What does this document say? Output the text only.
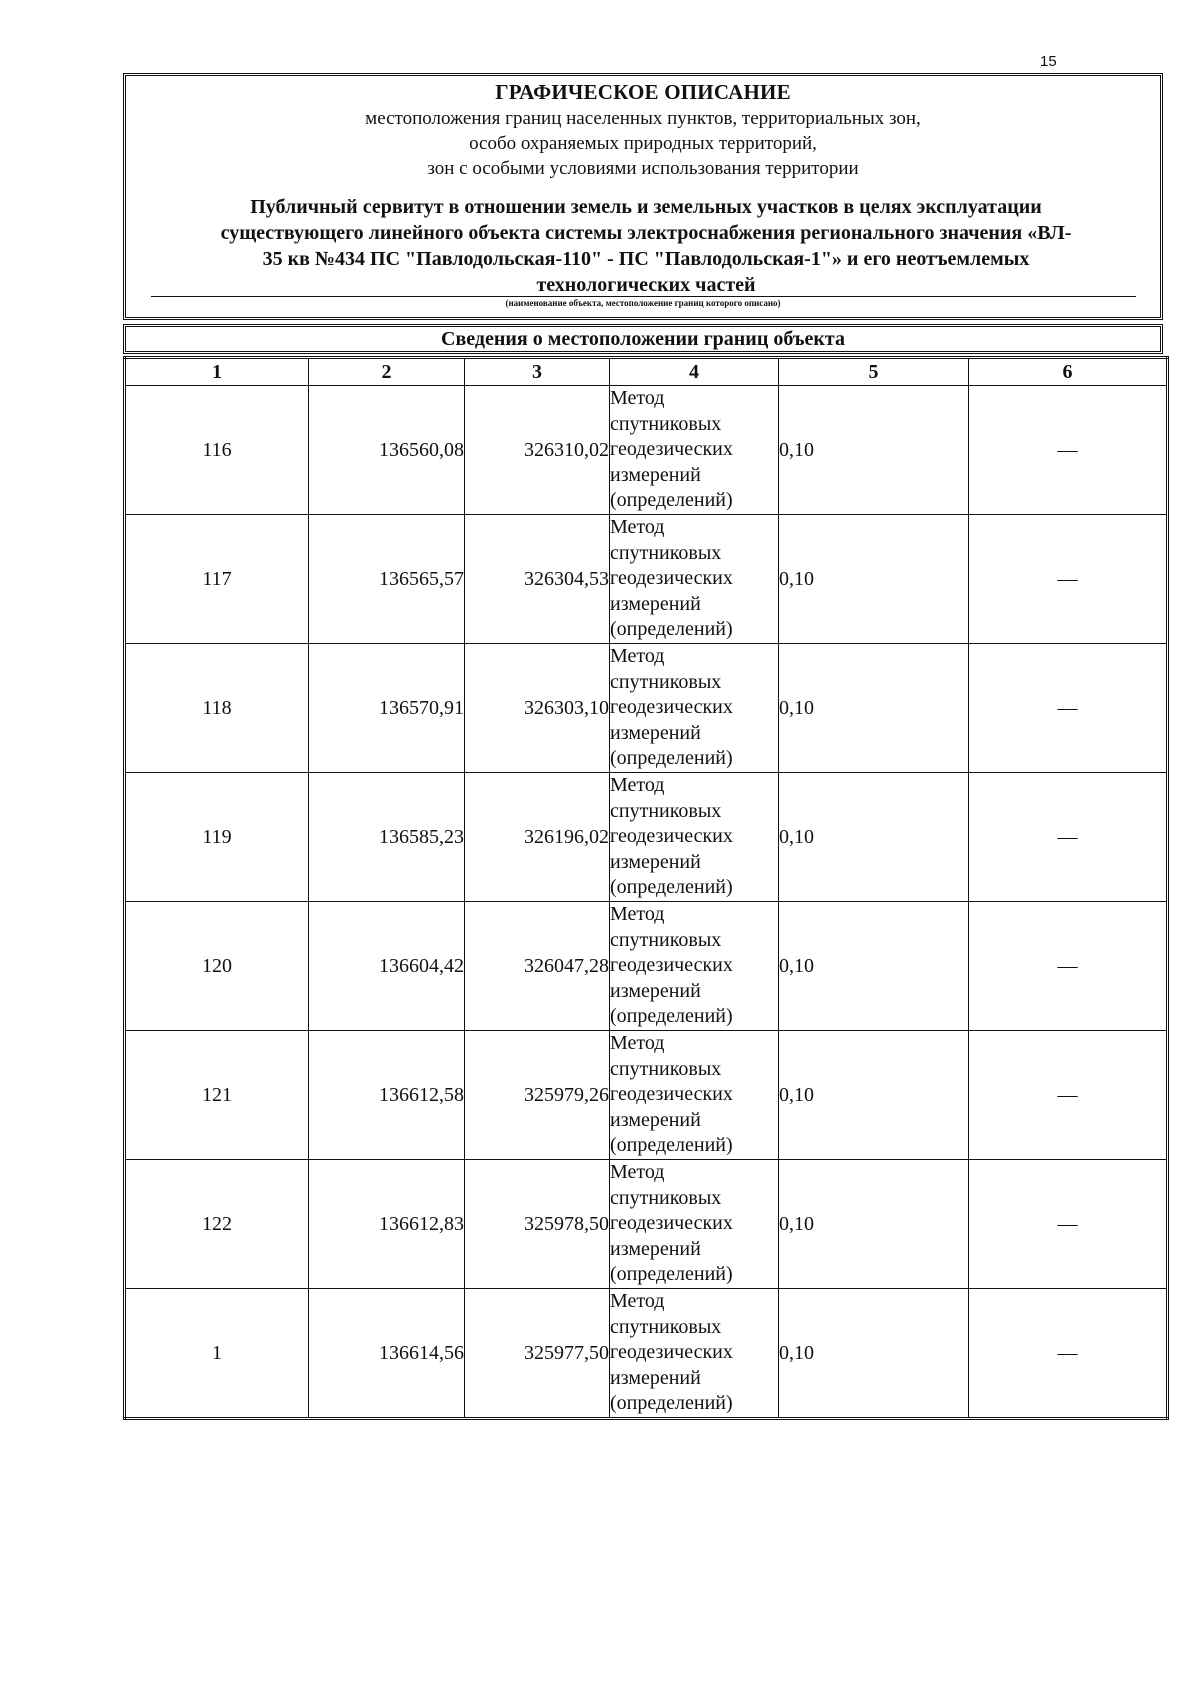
15
ГРАФИЧЕСКОЕ ОПИСАНИЕ
местоположения границ населенных пунктов, территориальных зон,
особо охраняемых природных территорий,
зон с особыми условиями использования территории
Публичный сервитут в отношении земель и земельных участков в целях эксплуатации
существующего линейного объекта системы электроснабжения регионального значения «ВЛ-
35 кв №434 ПС "Павлодольская-110" - ПС "Павлодольская-1"» и его неотъемлемых
технологических частей
(наименование объекта, местоположение границ которого описано)
Сведения о местоположении границ объекта
1	2	3	4	5	6
116	136560,08	326310,02	Метод
спутниковых
геодезических
измерений
(определений)	0,10	—
117	136565,57	326304,53	Метод
спутниковых
геодезических
измерений
(определений)	0,10	—
118	136570,91	326303,10	Метод
спутниковых
геодезических
измерений
(определений)	0,10	—
119	136585,23	326196,02	Метод
спутниковых
геодезических
измерений
(определений)	0,10	—
120	136604,42	326047,28	Метод
спутниковых
геодезических
измерений
(определений)	0,10	—
121	136612,58	325979,26	Метод
спутниковых
геодезических
измерений
(определений)	0,10	—
122	136612,83	325978,50	Метод
спутниковых
геодезических
измерений
(определений)	0,10	—
1	136614,56	325977,50	Метод
спутниковых
геодезических
измерений
(определений)	0,10	—
